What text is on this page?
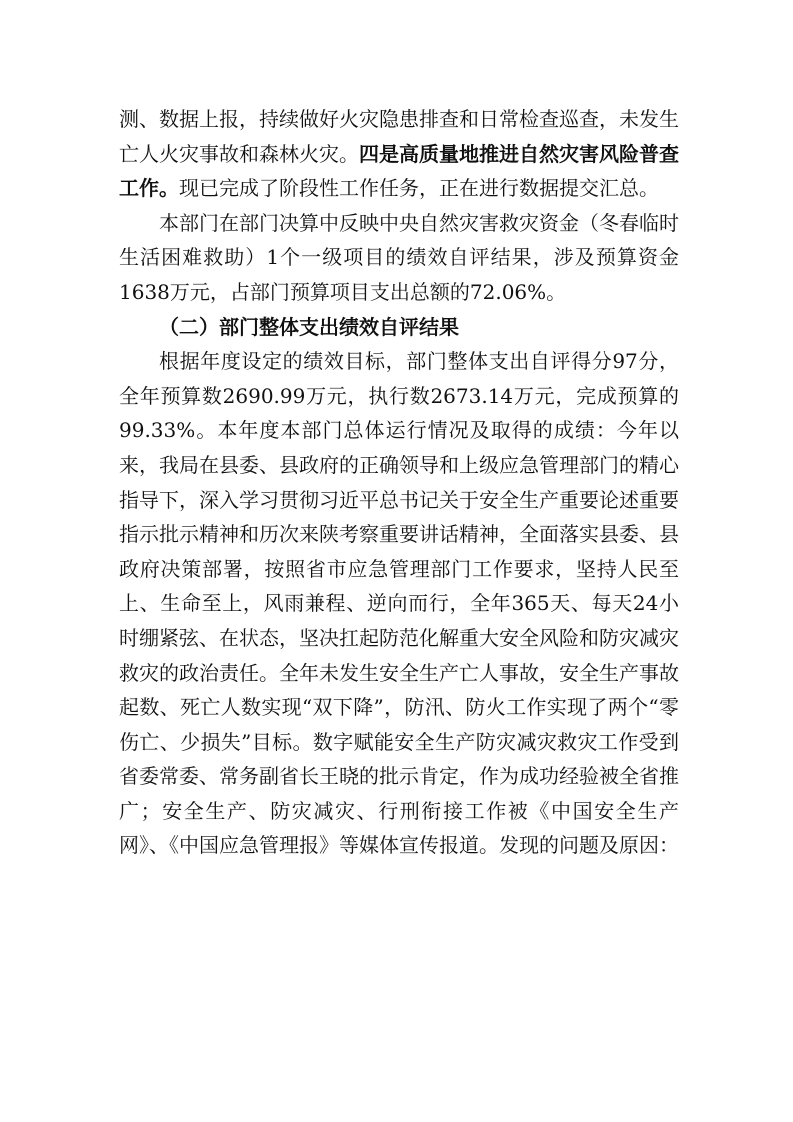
测、数据上报，持续做好火灾隐患排查和日常检查巡查，未发生亡人火灾事故和森林火灾。四是高质量地推进自然灾害风险普查工作。现已完成了阶段性工作任务，正在进行数据提交汇总。

本部门在部门决算中反映中央自然灾害救灾资金（冬春临时生活困难救助）1个一级项目的绩效自评结果，涉及预算资金1638万元，占部门预算项目支出总额的72.06%。

（二）部门整体支出绩效自评结果

根据年度设定的绩效目标，部门整体支出自评得分97分，全年预算数2690.99万元，执行数2673.14万元，完成预算的99.33%。本年度本部门总体运行情况及取得的成绩：今年以来，我局在县委、县政府的正确领导和上级应急管理部门的精心指导下，深入学习贯彻习近平总书记关于安全生产重要论述重要指示批示精神和历次来陕考察重要讲话精神，全面落实县委、县政府决策部署，按照省市应急管理部门工作要求，坚持人民至上、生命至上，风雨兼程、逆向而行，全年365天、每天24小时绷紧弦、在状态，坚决扛起防范化解重大安全风险和防灾减灾救灾的政治责任。全年未发生安全生产亡人事故，安全生产事故起数、死亡人数实现“双下降”，防汛、防火工作实现了两个“零伤亡、少损失”目标。数字赋能安全生产防灾减灾救灾工作受到省委常委、常务副省长王晓的批示肯定，作为成功经验被全省推广；安全生产、防灾减灾、行刑衔接工作被《中国安全生产网》、《中国应急管理报》等媒体宣传报道。发现的问题及原因：
